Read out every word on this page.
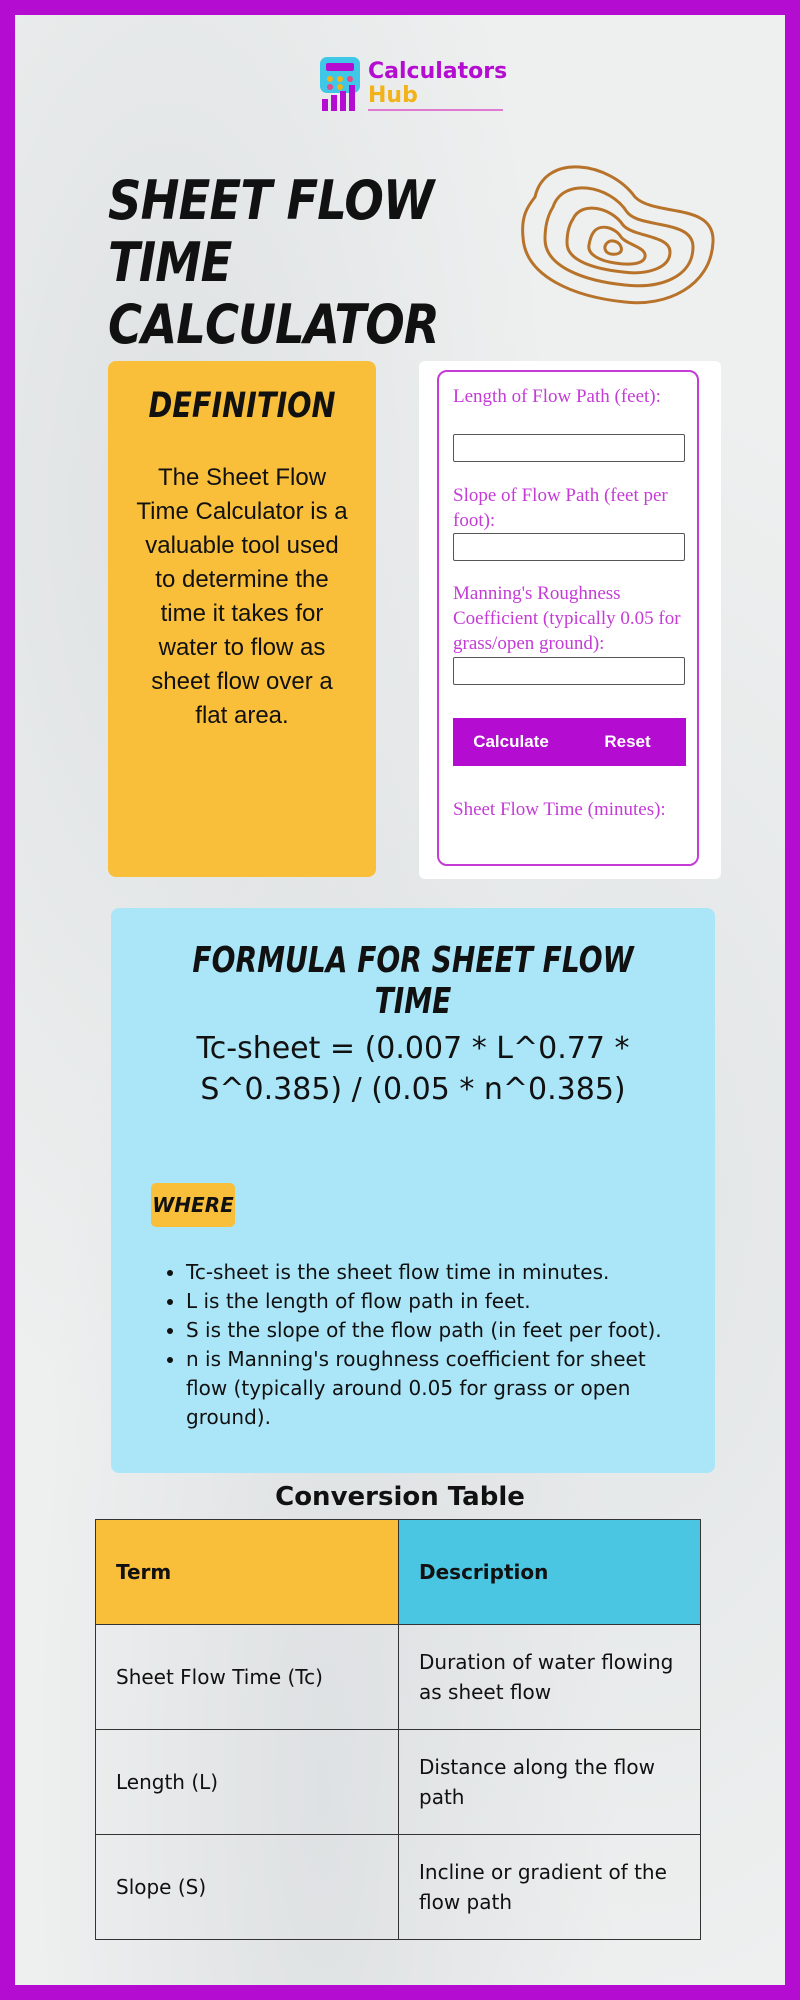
Calculators
Hub
SHEET FLOW TIME CALCULATOR
DEFINITION

The Sheet Flow Time Calculator is a valuable tool used to determine the time it takes for water to flow as sheet flow over a flat area.

Length of Flow Path (feet):

Slope of Flow Path (feet per foot):

Manning's Roughness Coefficient (typically 0.05 for grass/open ground):

Calculate	Reset

Sheet Flow Time (minutes):

FORMULA FOR SHEET FLOW TIME

Tc-sheet = (0.007 * L^0.77 * S^0.385) / (0.05 * n^0.385)

WHERE
• Tc-sheet is the sheet flow time in minutes.
• L is the length of flow path in feet.
• S is the slope of the flow path (in feet per foot).
• n is Manning's roughness coefficient for sheet flow (typically around 0.05 for grass or open ground).
Conversion Table
Term	Description
Sheet Flow Time (Tc)	Duration of water flowing as sheet flow
Length (L)	Distance along the flow path
Slope (S)	Incline or gradient of the flow path
